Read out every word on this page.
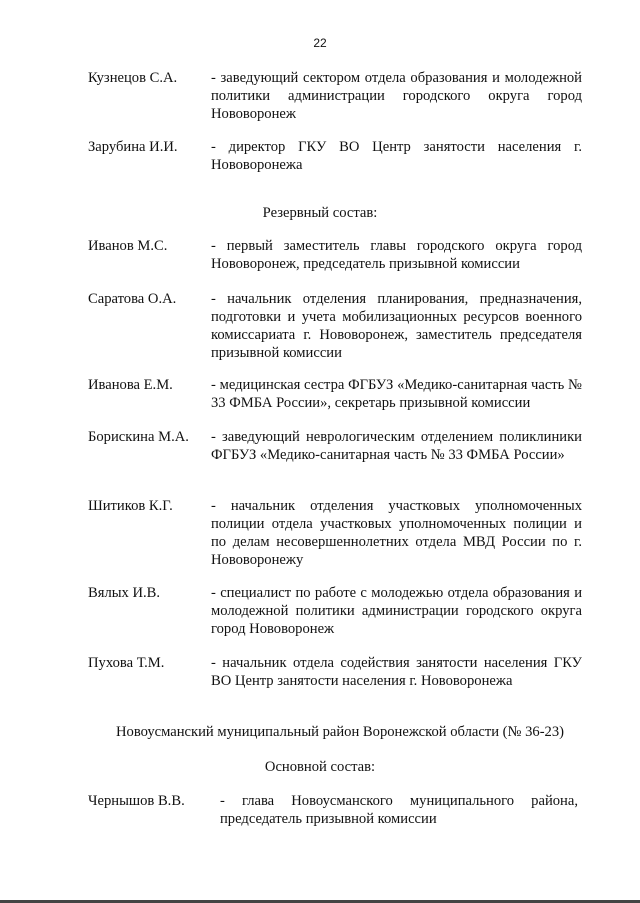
22
Кузнецов С.А. - заведующий сектором отдела образования и молодежной политики администрации городского округа город Нововоронеж
Зарубина И.И. - директор ГКУ ВО Центр занятости населения г. Нововоронежа
Резервный состав:
Иванов М.С.	- первый заместитель главы городского округа город Нововоронеж, председатель призывной комиссии
Саратова О.А. - начальник отделения планирования, предназначения, подготовки и учета мобилизационных ресурсов военного комиссариата г. Нововоронеж, заместитель председателя призывной комиссии
Иванова Е.М.	- медицинская сестра ФГБУЗ «Медико-санитарная часть № 33 ФМБА России», секретарь призывной комиссии
Борискина М.А. - заведующий неврологическим отделением поликлиники ФГБУЗ «Медико-санитарная часть № 33 ФМБА России»
Шитиков К.Г.	- начальник отделения участковых уполномоченных полиции отдела участковых уполномоченных полиции и по делам несовершеннолетних отдела МВД России по г. Нововоронежу
Вялых И.В.	- специалист по работе с молодежью отдела образования и молодежной политики администрации городского округа город Нововоронеж
Пухова Т.М.	- начальник отдела содействия занятости населения ГКУ ВО Центр занятости населения г. Нововоронежа
Новоусманский муниципальный район Воронежской области (№ 36-23)
Основной состав:
Чернышов В.В. - глава Новоусманского муниципального района, председатель призывной комиссии
